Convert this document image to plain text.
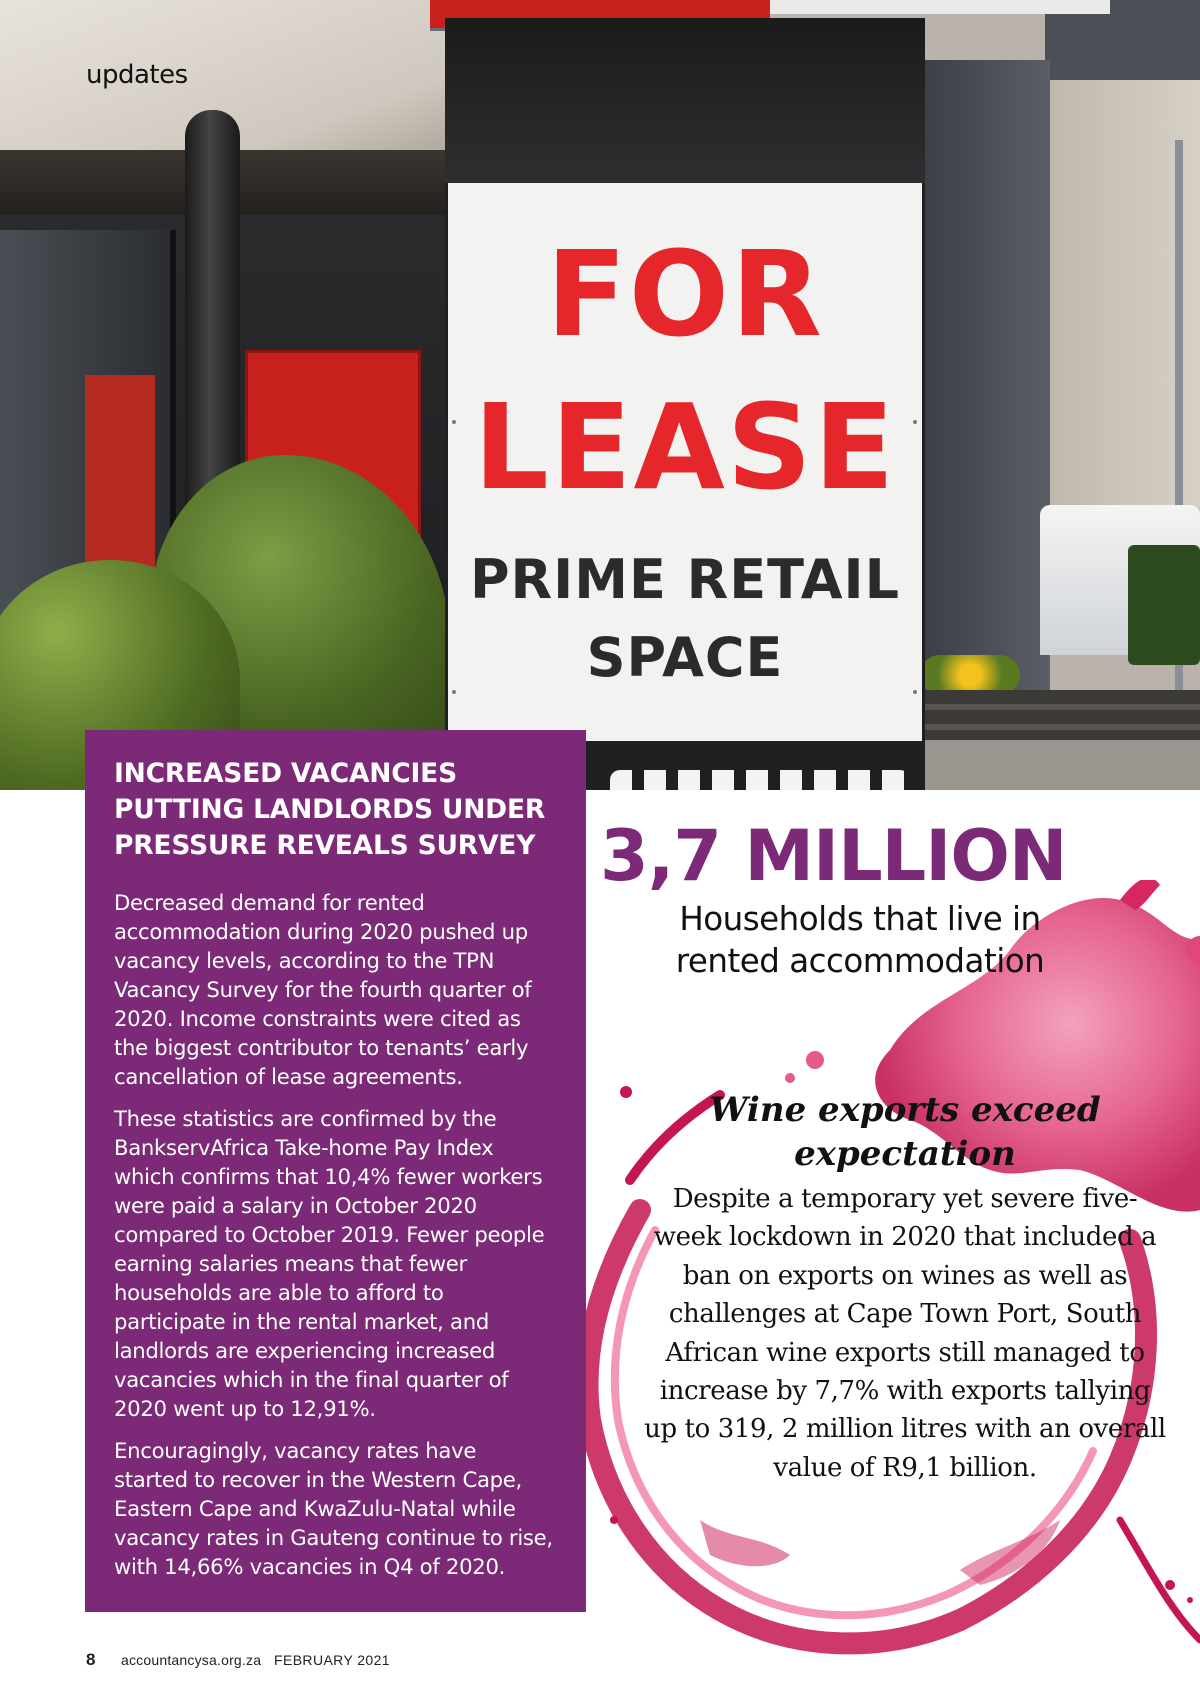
FOR
LEASE
PRIME RETAIL
SPACE
updates
INCREASED VACANCIES PUTTING LANDLORDS UNDER PRESSURE REVEALS SURVEY

Decreased demand for rented accommodation during 2020 pushed up vacancy levels, according to the TPN Vacancy Survey for the fourth quarter of 2020. Income constraints were cited as the biggest contributor to tenants’ early cancellation of lease agreements.

These statistics are confirmed by the BankservAfrica Take-home Pay Index which confirms that 10,4% fewer workers were paid a salary in October 2020 compared to October 2019. Fewer people earning salaries means that fewer households are able to afford to participate in the rental market, and landlords are experiencing increased vacancies which in the final quarter of 2020 went up to 12,91%.

Encouragingly, vacancy rates have started to recover in the Western Cape, Eastern Cape and KwaZulu-Natal while vacancy rates in Gauteng continue to rise, with 14,66% vacancies in Q4 of 2020.

3,7 MILLION
Households that live in rented accommodation
Wine exports exceed expectation
Despite a temporary yet severe five-week lockdown in 2020 that included a ban on exports on wines as well as challenges at Cape Town Port, South African wine exports still managed to increase by 7,7% with exports tallying up to 319, 2 million litres with an overall value of R9,1 billion.
8 accountancysa.org.za FEBRUARY 2021
